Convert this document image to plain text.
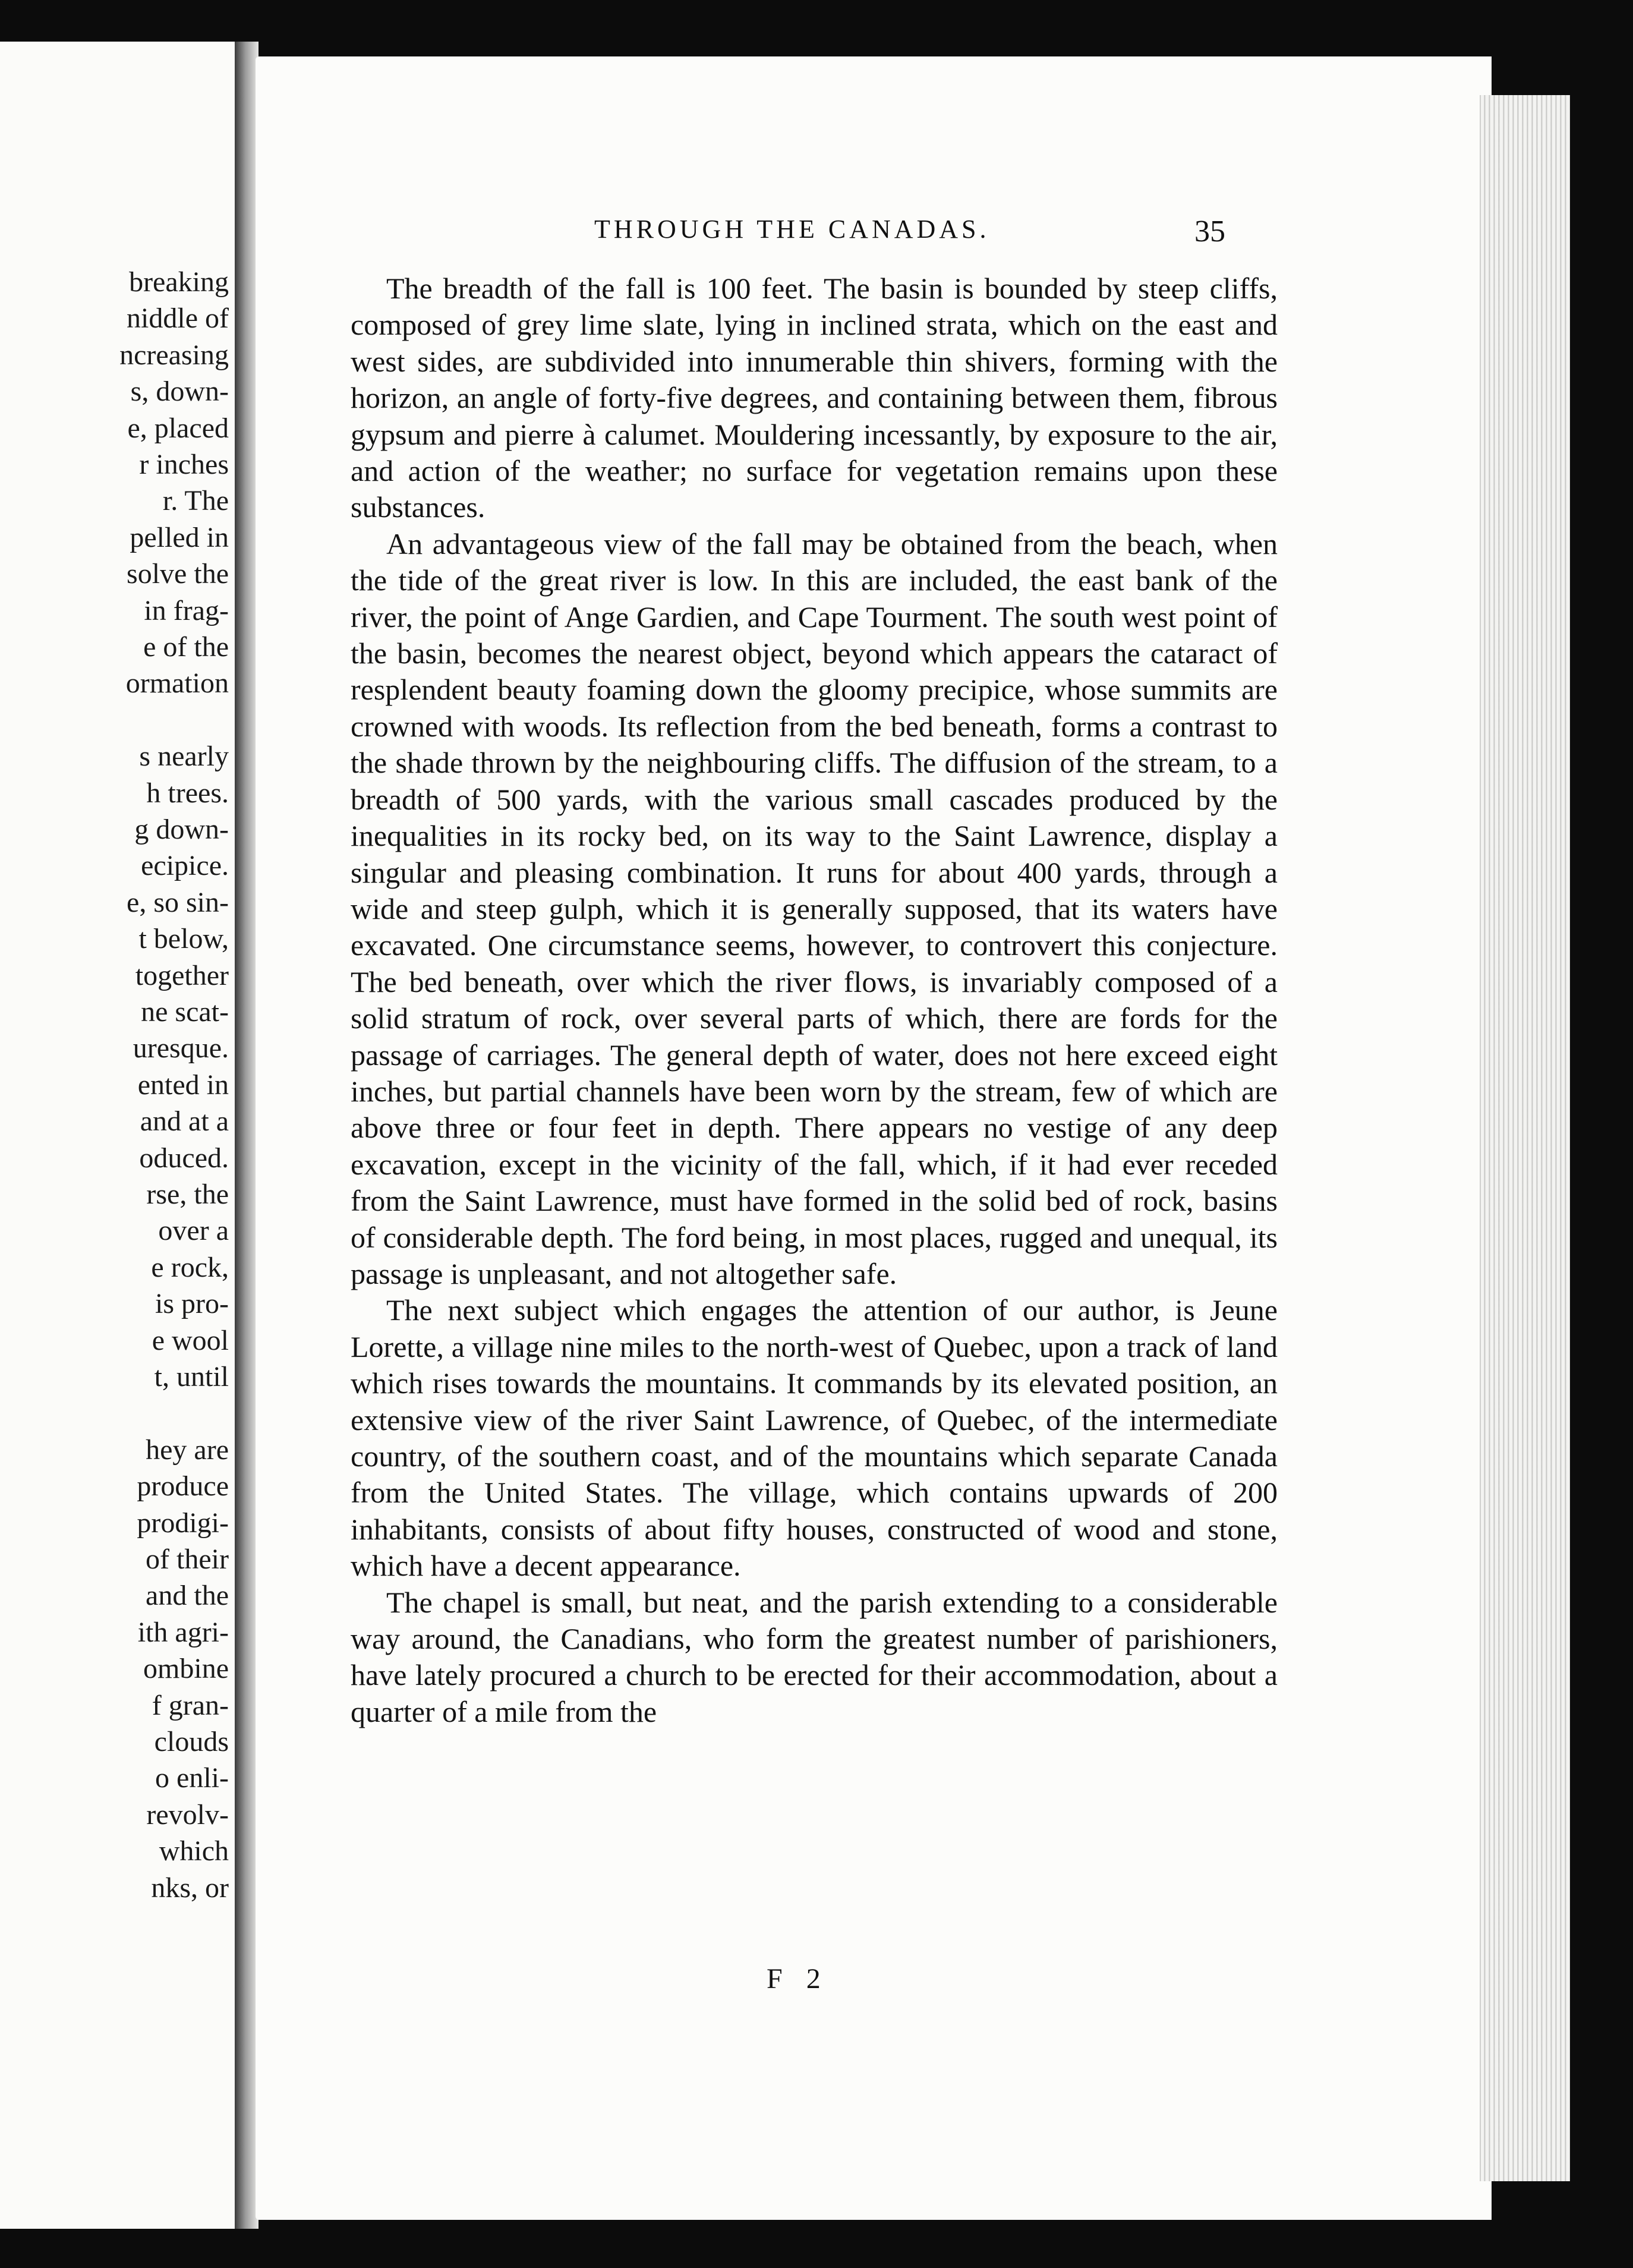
breaking
niddle of
ncreasing
s, down-
e, placed
r inches
r. The
pelled in
solve the
in frag-
e of the
ormation
s nearly
h trees.
g down-
ecipice.
e, so sin-
t below,
together
ne scat-
uresque.
ented in
and at a
oduced.
rse, the
over a
e rock,
is pro-
e wool
t, until
hey are
produce
prodigi-
of their
and the
ith agri-
ombine
f gran-
clouds
o enli-
revolv-
which
nks, or
THROUGH THE CANADAS.	35

The breadth of the fall is 100 feet. The basin is bounded by steep cliffs, composed of grey lime slate, lying in inclined strata, which on the east and west sides, are subdivided into innumerable thin shivers, forming with the horizon, an angle of forty-five degrees, and containing between them, fibrous gypsum and pierre à calumet. Mouldering incessantly, by exposure to the air, and action of the weather; no surface for vegetation remains upon these substances.

An advantageous view of the fall may be obtained from the beach, when the tide of the great river is low. In this are included, the east bank of the river, the point of Ange Gardien, and Cape Tourment. The south west point of the basin, becomes the nearest object, beyond which appears the cataract of resplendent beauty foaming down the gloomy precipice, whose summits are crowned with woods. Its reflection from the bed beneath, forms a contrast to the shade thrown by the neighbouring cliffs. The diffusion of the stream, to a breadth of 500 yards, with the various small cascades produced by the inequalities in its rocky bed, on its way to the Saint Lawrence, display a singular and pleasing combination. It runs for about 400 yards, through a wide and steep gulph, which it is generally supposed, that its waters have excavated. One circumstance seems, however, to controvert this conjecture. The bed beneath, over which the river flows, is invariably composed of a solid stratum of rock, over several parts of which, there are fords for the passage of carriages. The general depth of water, does not here exceed eight inches, but partial channels have been worn by the stream, few of which are above three or four feet in depth. There appears no vestige of any deep excavation, except in the vicinity of the fall, which, if it had ever receded from the Saint Lawrence, must have formed in the solid bed of rock, basins of considerable depth. The ford being, in most places, rugged and unequal, its passage is unpleasant, and not altogether safe.

The next subject which engages the attention of our author, is Jeune Lorette, a village nine miles to the north-west of Quebec, upon a track of land which rises towards the mountains. It commands by its elevated position, an extensive view of the river Saint Lawrence, of Quebec, of the intermediate country, of the southern coast, and of the mountains which separate Canada from the United States. The village, which contains upwards of 200 inhabitants, consists of about fifty houses, constructed of wood and stone, which have a decent appearance.

The chapel is small, but neat, and the parish extending to a considerable way around, the Canadians, who form the greatest number of parishioners, have lately procured a church to be erected for their accommodation, about a quarter of a mile from the

F 2
